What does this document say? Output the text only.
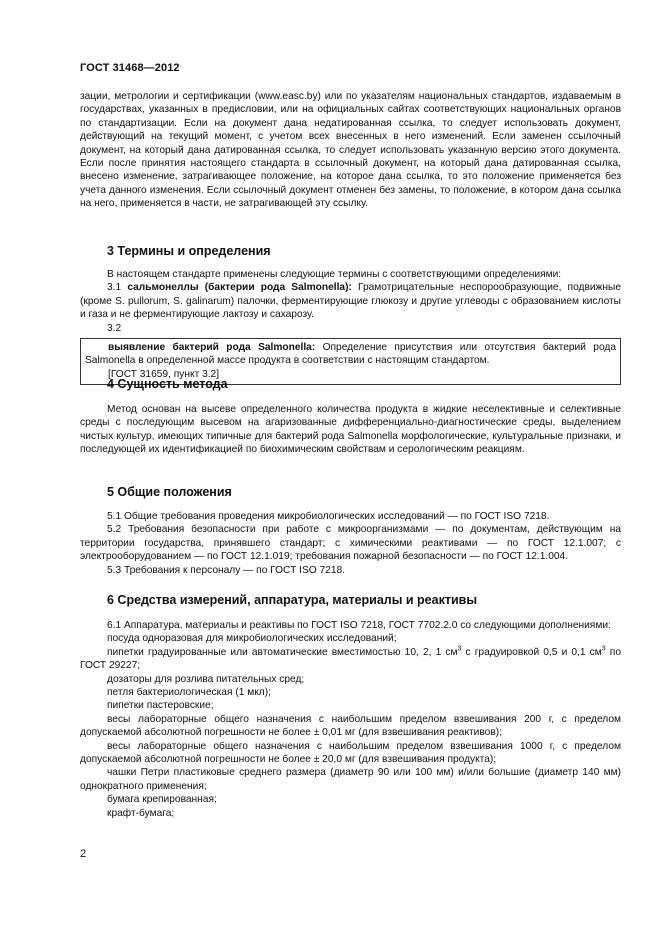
ГОСТ 31468—2012

зации, метрологии и сертификации (www.easc.by) или по указателям национальных стандартов, издаваемым в государствах, указанных в предисловии, или на официальных сайтах соответствующих национальных органов по стандартизации. Если на документ дана недатированная ссылка, то следует использовать документ, действующий на текущий момент, с учетом всех внесенных в него изменений. Если заменен ссылочный документ, на который дана датированная ссылка, то следует использовать указанную версию этого документа. Если после принятия настоящего стандарта в ссылочный документ, на который дана датированная ссылка, внесено изменение, затрагивающее положение, на которое дана ссылка, то это положение применяется без учета данного изменения. Если ссылочный документ отменен без замены, то положение, в котором дана ссылка на него, применяется в части, не затрагивающей эту ссылку.

3 Термины и определения

В настоящем стандарте применены следующие термины с соответствующими определениями:

3.1 сальмонеллы (бактерии рода Salmonella): Грамотрицательные неспорообразующие, подвижные (кроме S. pullorum, S. galinarum) палочки, ферментирующие глюкозу и другие углеводы с образованием кислоты и газа и не ферментирующие лактозу и сахарозу.

3.2

выявление бактерий рода Salmonella: Определение присутствия или отсутствия бактерий рода Salmonella в определенной массе продукта в соответствии с настоящим стандартом.

[ГОСТ 31659, пункт 3.2]

4 Сущность метода

Метод основан на высеве определенного количества продукта в жидкие неселективные и селективные среды с последующим высевом на агаризованные дифференциально-диагностические среды, выделением чистых культур, имеющих типичные для бактерий рода Salmonella морфологические, культуральные признаки, и последующей их идентификацией по биохимическим свойствам и серологическим реакциям.

5 Общие положения

5.1 Общие требования проведения микробиологических исследований — по ГОСТ ISO 7218.

5.2 Требования безопасности при работе с микроорганизмами — по документам, действующим на территории государства, принявшего стандарт; с химическими реактивами — по ГОСТ 12.1.007; с электрооборудованием — по ГОСТ 12.1.019; требования пожарной безопасности — по ГОСТ 12.1.004.

5.3 Требования к персоналу — по ГОСТ ISO 7218.

6 Средства измерений, аппаратура, материалы и реактивы

6.1 Аппаратура, материалы и реактивы по ГОСТ ISO 7218, ГОСТ 7702.2.0 со следующими дополнениями:

посуда одноразовая для микробиологических исследований;

пипетки градуированные или автоматические вместимостью 10, 2, 1 $см^3$ с градуировкой 0,5 и 0,1 $см^3$ по ГОСТ 29227;

дозаторы для розлива питательных сред;

петля бактериологическая (1 мкл);

пипетки пастеровские;

весы лабораторные общего назначения с наибольшим пределом взвешивания 200 г, с пределом допускаемой абсолютной погрешности не более ± 0,01 мг (для взвешивания реактивов);

весы лабораторные общего назначения с наибольшим пределом взвешивания 1000 г, с пределом допускаемой абсолютной погрешности не более ± 20,0 мг (для взвешивания продукта);

чашки Петри пластиковые среднего размера (диаметр 90 или 100 мм) и/или большие (диаметр 140 мм) однократного применения;

бумага крепированная;

крафт-бумага;

2
